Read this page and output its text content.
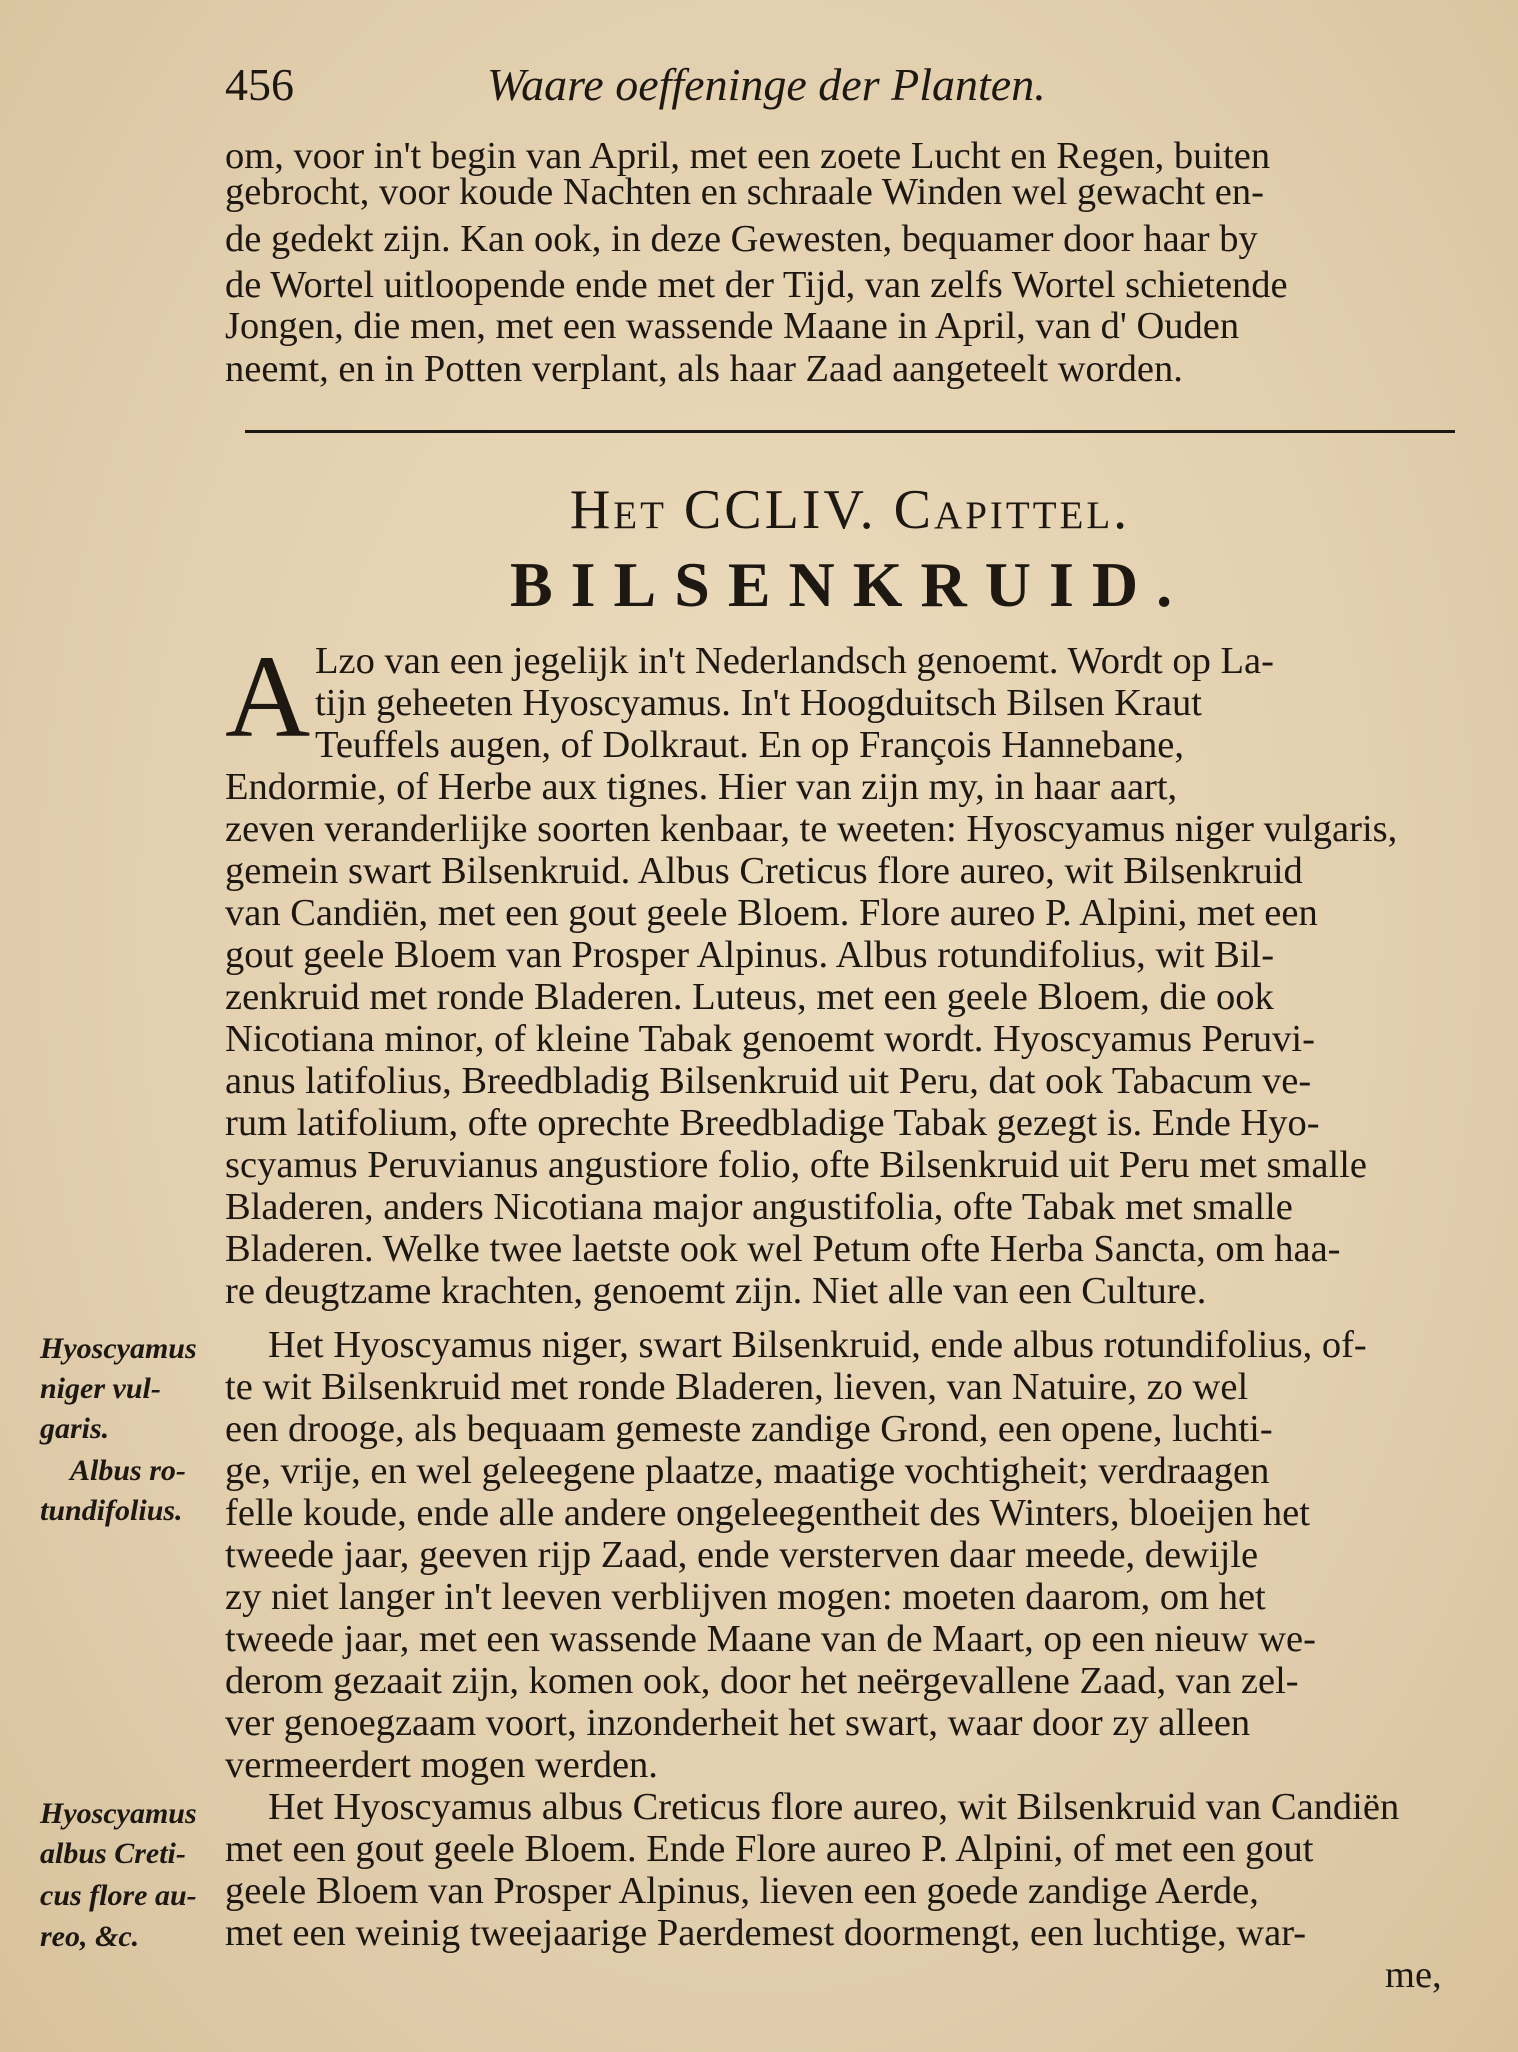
456	Waare oeffeninge der Planten.
om, voor in't begin van April, met een zoete Lucht en Regen, buiten
gebrocht, voor koude Nachten en schraale Winden wel gewacht en-
de gedekt zijn. Kan ook, in deze Gewesten, bequamer door haar by
de Wortel uitloopende ende met der Tijd, van zelfs Wortel schietende
Jongen, die men, met een wassende Maane in April, van d' Ouden
neemt, en in Potten verplant, als haar Zaad aangeteelt worden.
Het CCLIV. Capittel.
BILSENKRUID.
A Lzo van een jegelijk in't Nederlandsch genoemt. Wordt op La-
tijn geheeten Hyoscyamus. In't Hoogduitsch Bilsen Kraut
Teuffels augen, of Dolkraut. En op François Hannebane,
Endormie, of Herbe aux tignes. Hier van zijn my, in haar aart,
zeven veranderlijke soorten kenbaar, te weeten: Hyoscyamus niger vulgaris,
gemein swart Bilsenkruid. Albus Creticus flore aureo, wit Bilsenkruid
van Candiën, met een gout geele Bloem. Flore aureo P. Alpini, met een
gout geele Bloem van Prosper Alpinus. Albus rotundifolius, wit Bil-
zenkruid met ronde Bladeren. Luteus, met een geele Bloem, die ook
Nicotiana minor, of kleine Tabak genoemt wordt. Hyoscyamus Peruvi-
anus latifolius, Breedbladig Bilsenkruid uit Peru, dat ook Tabacum ve-
rum latifolium, ofte oprechte Breedbladige Tabak gezegt is. Ende Hyo-
scyamus Peruvianus angustiore folio, ofte Bilsenkruid uit Peru met smalle
Bladeren, anders Nicotiana major angustifolia, ofte Tabak met smalle
Bladeren. Welke twee laetste ook wel Petum ofte Herba Sancta, om haa-
re deugtzame krachten, genoemt zijn. Niet alle van een Culture.
Het Hyoscyamus niger, swart Bilsenkruid, ende albus rotundifolius, of-
te wit Bilsenkruid met ronde Bladeren, lieven, van Natuire, zo wel
een drooge, als bequaam gemeste zandige Grond, een opene, luchti-
ge, vrije, en wel geleegene plaatze, maatige vochtigheit; verdraagen
felle koude, ende alle andere ongeleegentheit des Winters, bloeijen het
tweede jaar, geeven rijp Zaad, ende versterven daar meede, dewijle
zy niet langer in't leeven verblijven mogen: moeten daarom, om het
tweede jaar, met een wassende Maane van de Maart, op een nieuw we-
derom gezaait zijn, komen ook, door het neërgevallene Zaad, van zel-
ver genoegzaam voort, inzonderheit het swart, waar door zy alleen
vermeerdert mogen werden.
Het Hyoscyamus albus Creticus flore aureo, wit Bilsenkruid van Candiën
met een gout geele Bloem. Ende Flore aureo P. Alpini, of met een gout
geele Bloem van Prosper Alpinus, lieven een goede zandige Aerde,
met een weinig tweejaarige Paerdemest doormengt, een luchtige, war-
me,
Hyoscyamus
niger vul-
garis.
Albus ro-
tundifolius.
Hyoscyamus
albus Creti-
cus flore au-
reo, &c.
